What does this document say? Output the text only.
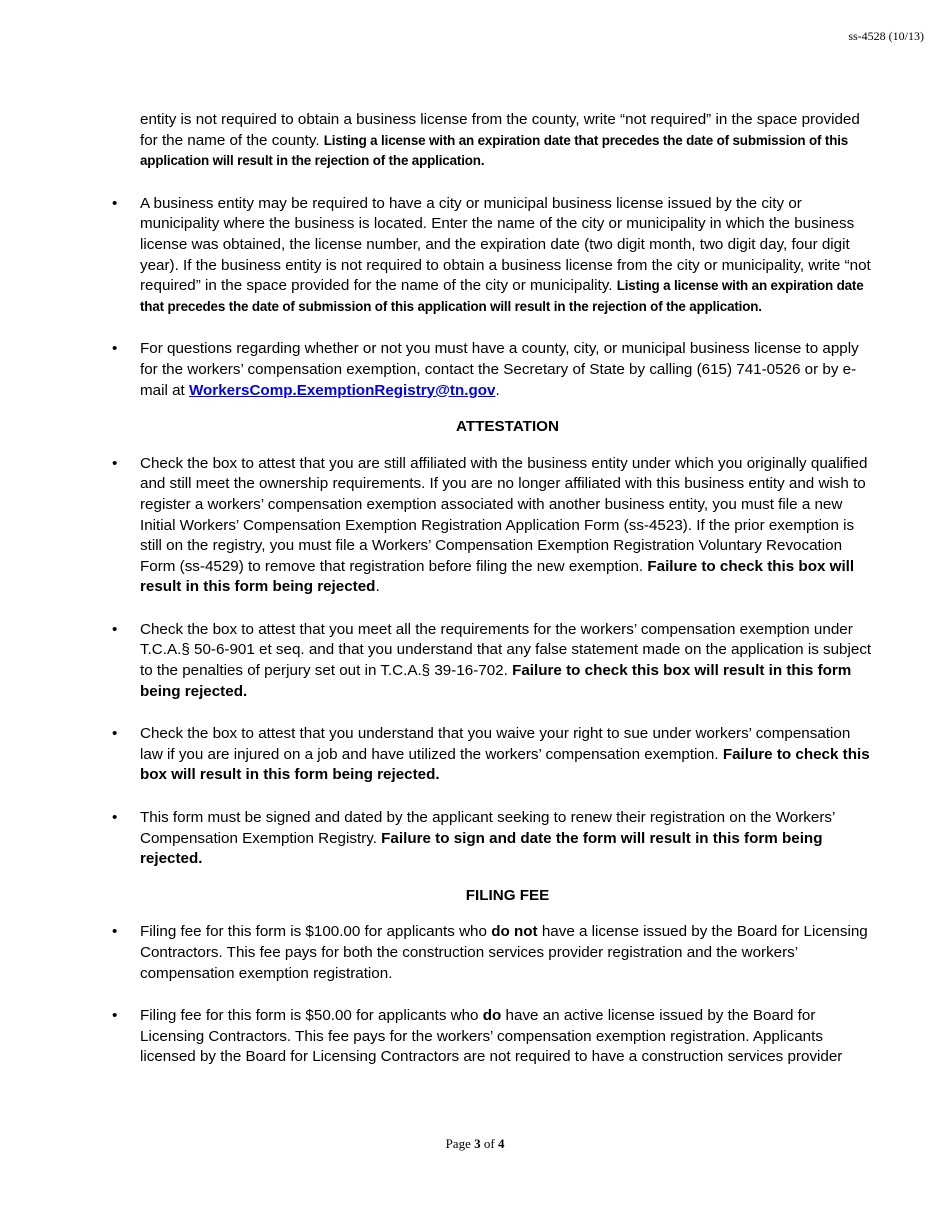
ss-4528 (10/13)

entity is not required to obtain a business license from the county, write “not required” in the space provided for the name of the county. Listing a license with an expiration date that precedes the date of submission of this application will result in the rejection of the application.

• A business entity may be required to have a city or municipal business license issued by the city or municipality where the business is located. Enter the name of the city or municipality in which the business license was obtained, the license number, and the expiration date (two digit month, two digit day, four digit year). If the business entity is not required to obtain a business license from the city or municipality, write “not required” in the space provided for the name of the city or municipality. Listing a license with an expiration date that precedes the date of submission of this application will result in the rejection of the application.

• For questions regarding whether or not you must have a county, city, or municipal business license to apply for the workers’ compensation exemption, contact the Secretary of State by calling (615) 741-0526 or by e-mail at WorkersComp.ExemptionRegistry@tn.gov.

ATTESTATION

• Check the box to attest that you are still affiliated with the business entity under which you originally qualified and still meet the ownership requirements. If you are no longer affiliated with this business entity and wish to register a workers’ compensation exemption associated with another business entity, you must file a new Initial Workers’ Compensation Exemption Registration Application Form (ss-4523). If the prior exemption is still on the registry, you must file a Workers’ Compensation Exemption Registration Voluntary Revocation Form (ss-4529) to remove that registration before filing the new exemption. Failure to check this box will result in this form being rejected.

• Check the box to attest that you meet all the requirements for the workers’ compensation exemption under T.C.A.§ 50-6-901 et seq. and that you understand that any false statement made on the application is subject to the penalties of perjury set out in T.C.A.§ 39-16-702. Failure to check this box will result in this form being rejected.

• Check the box to attest that you understand that you waive your right to sue under workers’ compensation law if you are injured on a job and have utilized the workers’ compensation exemption. Failure to check this box will result in this form being rejected.

• This form must be signed and dated by the applicant seeking to renew their registration on the Workers’ Compensation Exemption Registry. Failure to sign and date the form will result in this form being rejected.

FILING FEE

• Filing fee for this form is $100.00 for applicants who do not have a license issued by the Board for Licensing Contractors. This fee pays for both the construction services provider registration and the workers’ compensation exemption registration.

• Filing fee for this form is $50.00 for applicants who do have an active license issued by the Board for Licensing Contractors. This fee pays for the workers’ compensation exemption registration. Applicants licensed by the Board for Licensing Contractors are not required to have a construction services provider

Page 3 of 4
